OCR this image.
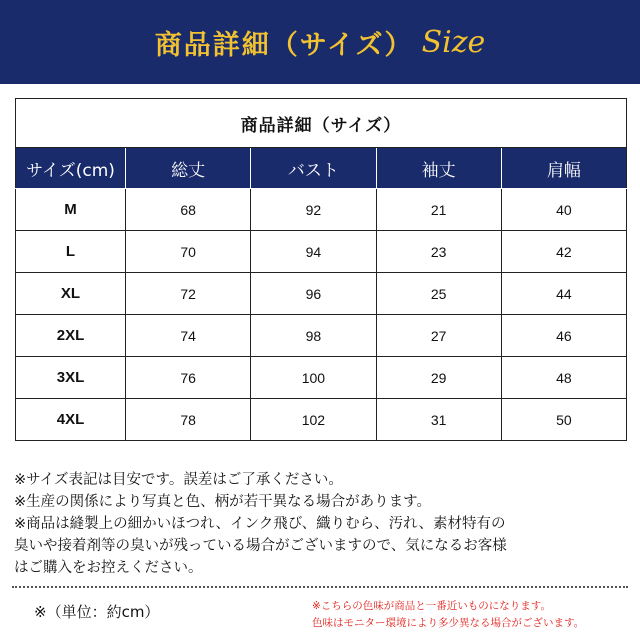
商品詳細（サイズ） Size
商品詳細（サイズ）				
サイズ(cm)	総丈	バスト	袖丈	肩幅
M	68	92	21	40
L	70	94	23	42
XL	72	96	25	44
2XL	74	98	27	46
3XL	76	100	29	48
4XL	78	102	31	50
※サイズ表記は目安です。誤差はご了承ください。
※生産の関係により写真と色、柄が若干異なる場合があります。
※商品は縫製上の細かいほつれ、インク飛び、織りむら、汚れ、素材特有の
臭いや接着剤等の臭いが残っている場合がございますので、気になるお客様
はご購入をお控えください。
※（単位：約cm）	※こちらの色味が商品と一番近いものになります。
色味はモニター環境により多少異なる場合がございます。
